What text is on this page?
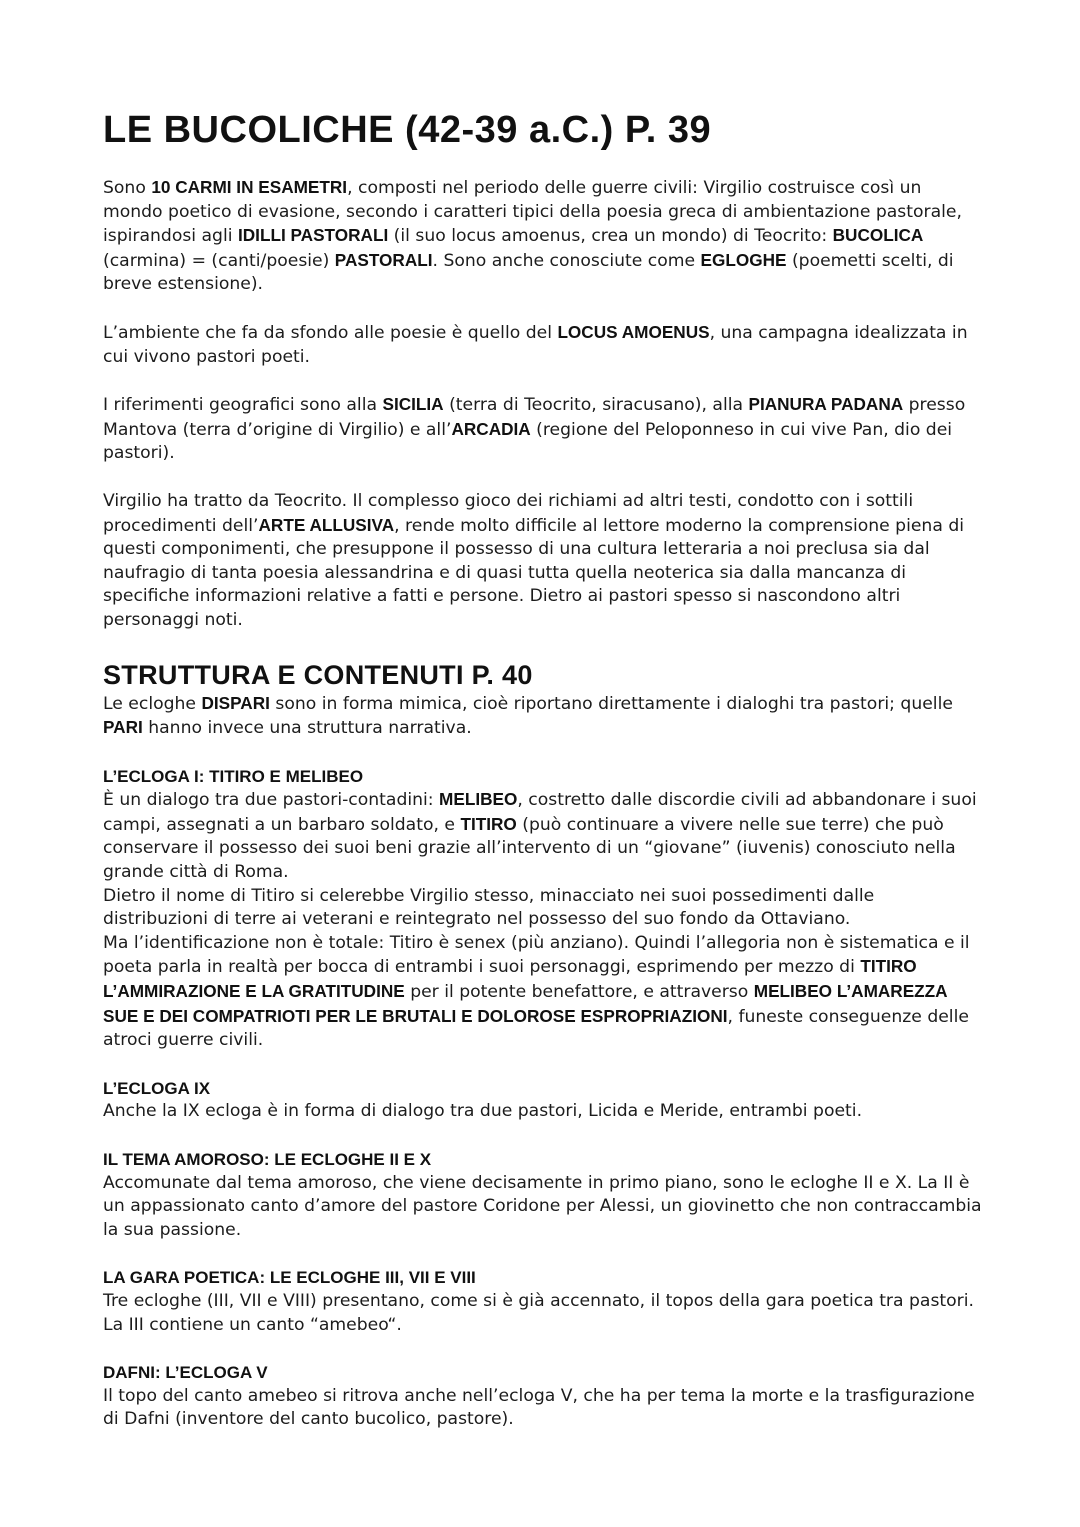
LE BUCOLICHE (42-39 a.C.) P. 39

Sono 10 CARMI IN ESAMETRI, composti nel periodo delle guerre civili: Virgilio costruisce così un mondo poetico di evasione, secondo i caratteri tipici della poesia greca di ambientazione pastorale, ispirandosi agli IDILLI PASTORALI (il suo locus amoenus, crea un mondo) di Teocrito: BUCOLICA (carmina) = (canti/poesie) PASTORALI. Sono anche conosciute come EGLOGHE (poemetti scelti, di breve estensione).

L’ambiente che fa da sfondo alle poesie è quello del LOCUS AMOENUS, una campagna idealizzata in cui vivono pastori poeti.

I riferimenti geografici sono alla SICILIA (terra di Teocrito, siracusano), alla PIANURA PADANA presso Mantova (terra d’origine di Virgilio) e all’ARCADIA (regione del Peloponneso in cui vive Pan, dio dei pastori).

Virgilio ha tratto da Teocrito. Il complesso gioco dei richiami ad altri testi, condotto con i sottili procedimenti dell’ARTE ALLUSIVA, rende molto difficile al lettore moderno la comprensione piena di questi componimenti, che presuppone il possesso di una cultura letteraria a noi preclusa sia dal naufragio di tanta poesia alessandrina e di quasi tutta quella neoterica sia dalla mancanza di specifiche informazioni relative a fatti e persone. Dietro ai pastori spesso si nascondono altri personaggi noti.

STRUTTURA E CONTENUTI P. 40

Le ecloghe DISPARI sono in forma mimica, cioè riportano direttamente i dialoghi tra pastori; quelle PARI hanno invece una struttura narrativa.

L’ECLOGA I: TITIRO E MELIBEO

È un dialogo tra due pastori-contadini: MELIBEO, costretto dalle discordie civili ad abbandonare i suoi campi, assegnati a un barbaro soldato, e TITIRO (può continuare a vivere nelle sue terre) che può conservare il possesso dei suoi beni grazie all’intervento di un “giovane” (iuvenis) conosciuto nella grande città di Roma.

Dietro il nome di Titiro si celerebbe Virgilio stesso, minacciato nei suoi possedimenti dalle distribuzioni di terre ai veterani e reintegrato nel possesso del suo fondo da Ottaviano.

Ma l’identificazione non è totale: Titiro è senex (più anziano). Quindi l’allegoria non è sistematica e il poeta parla in realtà per bocca di entrambi i suoi personaggi, esprimendo per mezzo di TITIRO L’AMMIRAZIONE E LA GRATITUDINE per il potente benefattore, e attraverso MELIBEO L’AMAREZZA SUE E DEI COMPATRIOTI PER LE BRUTALI E DOLOROSE ESPROPRIAZIONI, funeste conseguenze delle atroci guerre civili.

L’ECLOGA IX

Anche la IX ecloga è in forma di dialogo tra due pastori, Licida e Meride, entrambi poeti.

IL TEMA AMOROSO: LE ECLOGHE II E X

Accomunate dal tema amoroso, che viene decisamente in primo piano, sono le ecloghe II e X. La II è un appassionato canto d’amore del pastore Coridone per Alessi, un giovinetto che non contraccambia la sua passione.

LA GARA POETICA: LE ECLOGHE III, VII E VIII

Tre ecloghe (III, VII e VIII) presentano, come si è già accennato, il topos della gara poetica tra pastori. La III contiene un canto “amebeo“.

DAFNI: L’ECLOGA V

Il topo del canto amebeo si ritrova anche nell’ecloga V, che ha per tema la morte e la trasfigurazione di Dafni (inventore del canto bucolico, pastore).
